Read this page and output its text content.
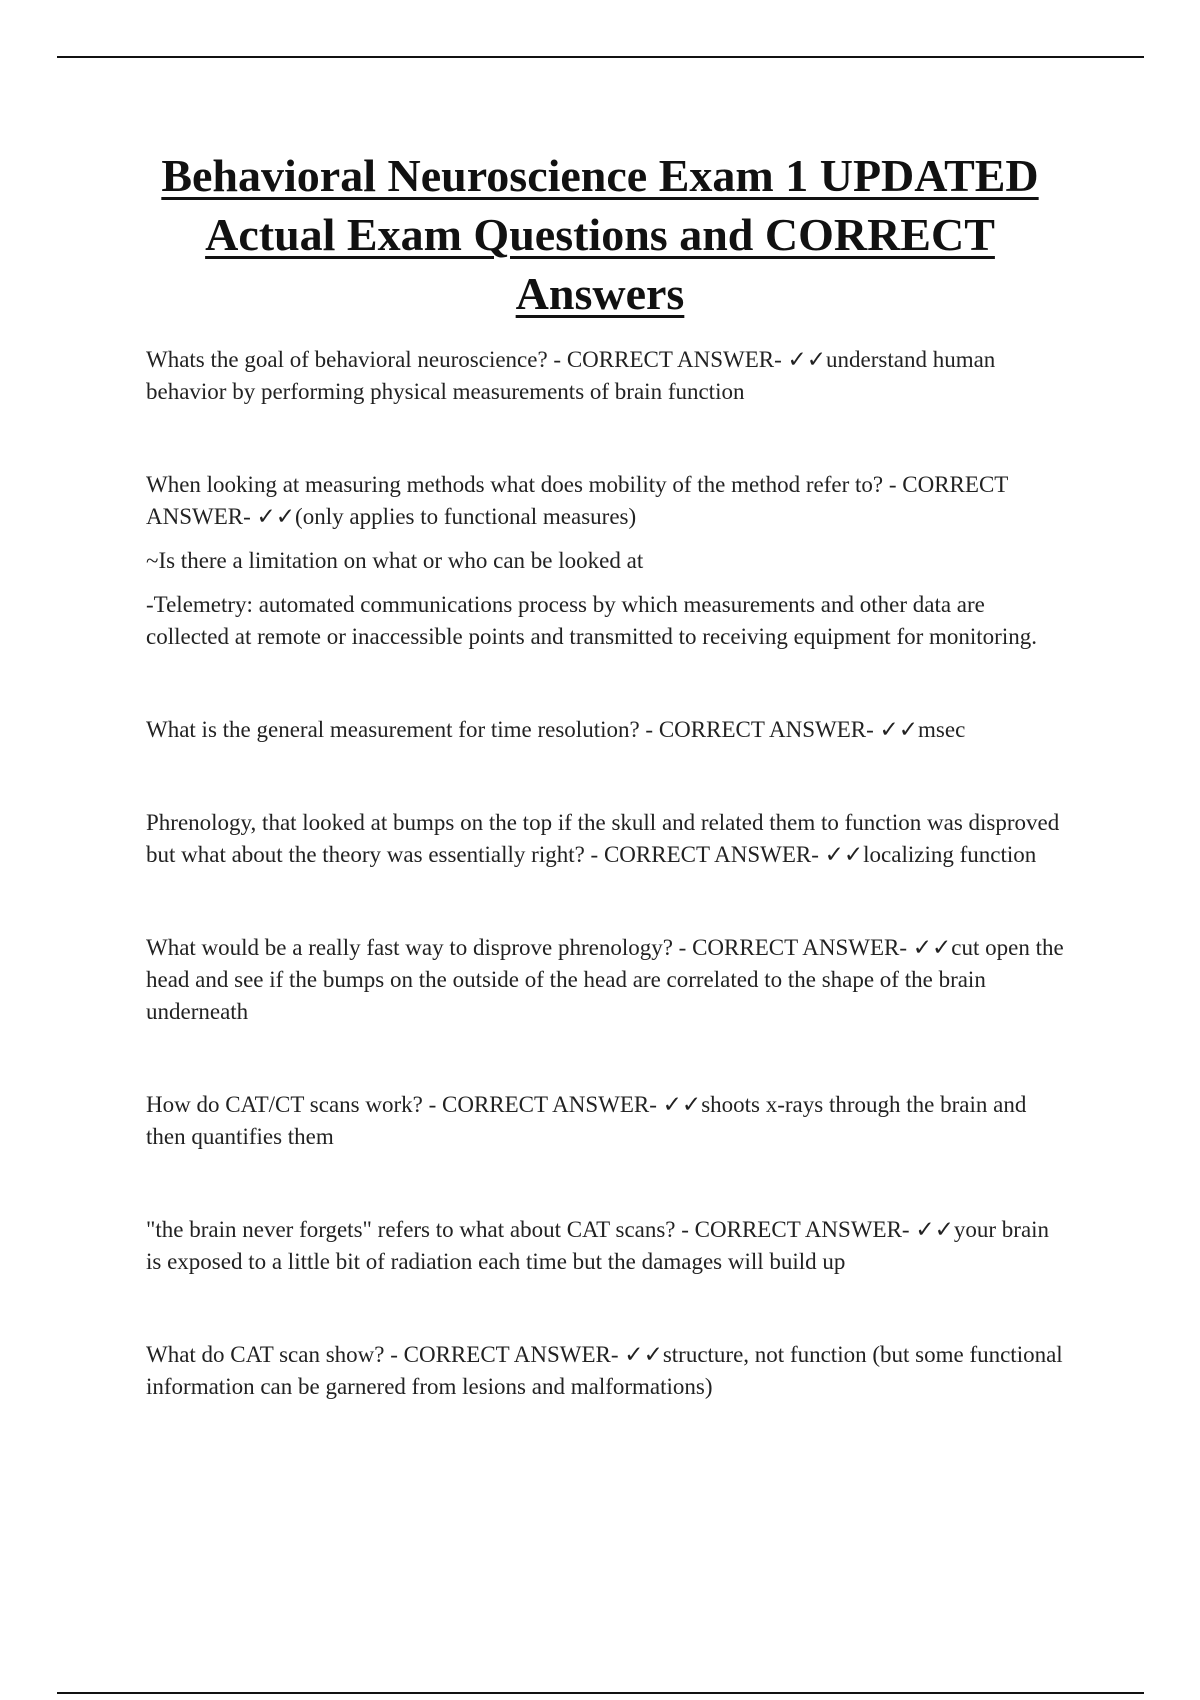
Behavioral Neuroscience Exam 1 UPDATED Actual Exam Questions and CORRECT Answers

Whats the goal of behavioral neuroscience? - CORRECT ANSWER- ✓✓understand human behavior by performing physical measurements of brain function

When looking at measuring methods what does mobility of the method refer to? - CORRECT ANSWER- ✓✓(only applies to functional measures)

~Is there a limitation on what or who can be looked at

-Telemetry: automated communications process by which measurements and other data are collected at remote or inaccessible points and transmitted to receiving equipment for monitoring.

What is the general measurement for time resolution? - CORRECT ANSWER- ✓✓msec

Phrenology, that looked at bumps on the top if the skull and related them to function was disproved but what about the theory was essentially right? - CORRECT ANSWER- ✓✓localizing function

What would be a really fast way to disprove phrenology? - CORRECT ANSWER- ✓✓cut open the head and see if the bumps on the outside of the head are correlated to the shape of the brain underneath

How do CAT/CT scans work? - CORRECT ANSWER- ✓✓shoots x-rays through the brain and then quantifies them

"the brain never forgets" refers to what about CAT scans? - CORRECT ANSWER- ✓✓your brain is exposed to a little bit of radiation each time but the damages will build up

What do CAT scan show? - CORRECT ANSWER- ✓✓structure, not function (but some functional information can be garnered from lesions and malformations)
